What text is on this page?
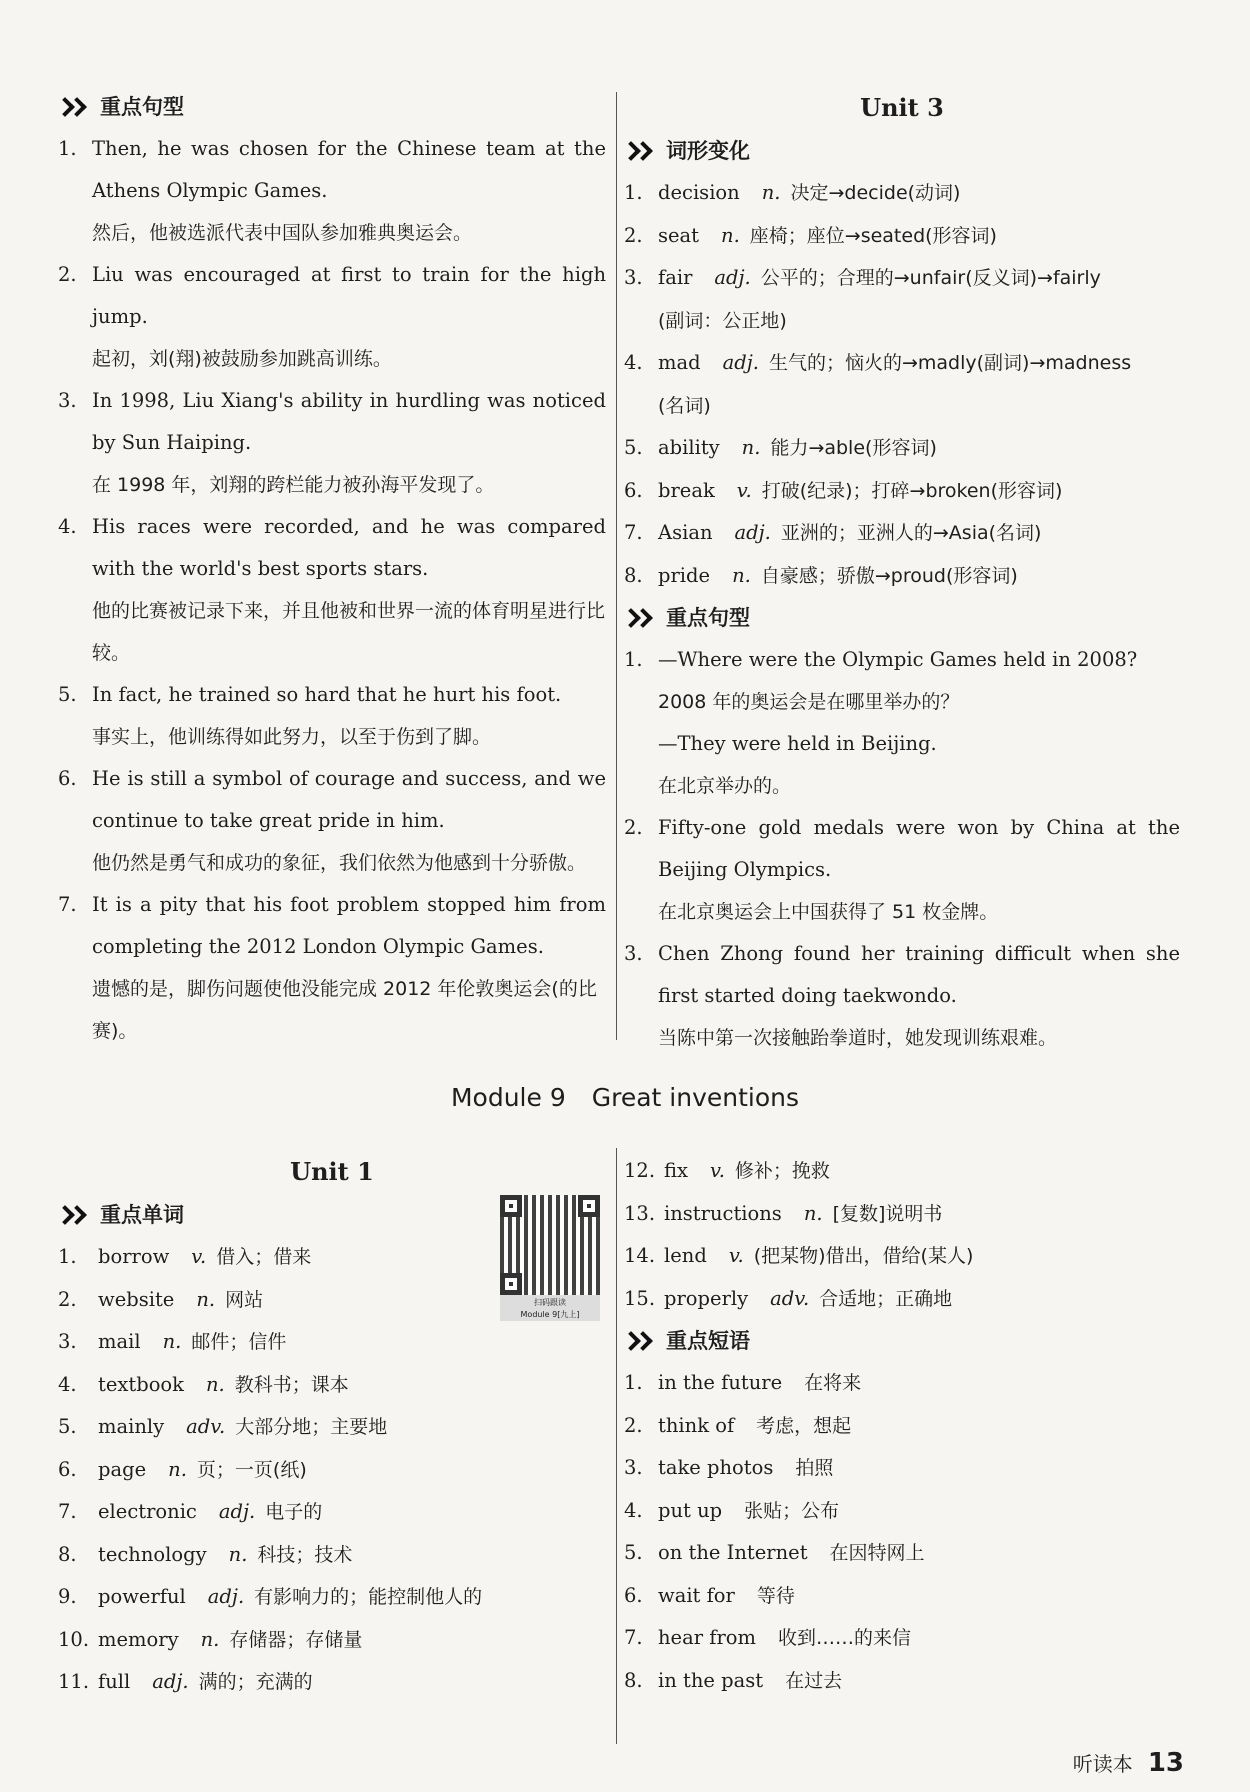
重点句型
1. Then, he was chosen for the Chinese team at the Athens Olympic Games.
然后，他被选派代表中国队参加雅典奥运会。
2. Liu was encouraged at first to train for the high jump.
起初，刘(翔)被鼓励参加跳高训练。
3. In 1998, Liu Xiang's ability in hurdling was noticed by Sun Haiping.
在 1998 年，刘翔的跨栏能力被孙海平发现了。
4. His races were recorded, and he was compared with the world's best sports stars.
他的比赛被记录下来，并且他被和世界一流的体育明星进行比较。
5. In fact, he trained so hard that he hurt his foot.
事实上，他训练得如此努力，以至于伤到了脚。
6. He is still a symbol of courage and success, and we continue to take great pride in him.
他仍然是勇气和成功的象征，我们依然为他感到十分骄傲。
7. It is a pity that his foot problem stopped him from completing the 2012 London Olympic Games.
遗憾的是，脚伤问题使他没能完成 2012 年伦敦奥运会(的比赛)。
Unit 3
词形变化
1. decision n. 决定→decide(动词)
2. seat n. 座椅；座位→seated(形容词)
3. fair adj. 公平的；合理的→unfair(反义词)→fairly
(副词：公正地)
4. mad adj. 生气的；恼火的→madly(副词)→madness
(名词)
5. ability n. 能力→able(形容词)
6. break v. 打破(纪录)；打碎→broken(形容词)
7. Asian adj. 亚洲的；亚洲人的→Asia(名词)
8. pride n. 自豪感；骄傲→proud(形容词)
重点句型
1. —Where were the Olympic Games held in 2008?
2008 年的奥运会是在哪里举办的？
—They were held in Beijing.
在北京举办的。
2. Fifty-one gold medals were won by China at the Beijing Olympics.
在北京奥运会上中国获得了 51 枚金牌。
3. Chen Zhong found her training difficult when she first started doing taekwondo.
当陈中第一次接触跆拳道时，她发现训练艰难。
Module 9 Great inventions
Unit 1
重点单词
1.	borrow v. 借入；借来
2.	website n. 网站
3.	mail n. 邮件；信件
4.	textbook n. 教科书；课本
5.	mainly adv. 大部分地；主要地
6.	page n. 页；一页(纸)
7.	electronic adj. 电子的
8.	technology n. 科技；技术
9.	powerful adj. 有影响力的；能控制他人的
10. memory n. 存储器；存储量
11. full adj. 满的；充满的
扫码跟读
Module 9[九上]
12. fix v. 修补；挽救
13. instructions n. [复数]说明书
14. lend v. (把某物)借出，借给(某人)
15. properly adv. 合适地；正确地
重点短语
1. in the future 在将来
2. think of 考虑，想起
3. take photos 拍照
4. put up 张贴；公布
5. on the Internet 在因特网上
6. wait for 等待
7. hear from 收到……的来信
8. in the past 在过去
听读本 13
